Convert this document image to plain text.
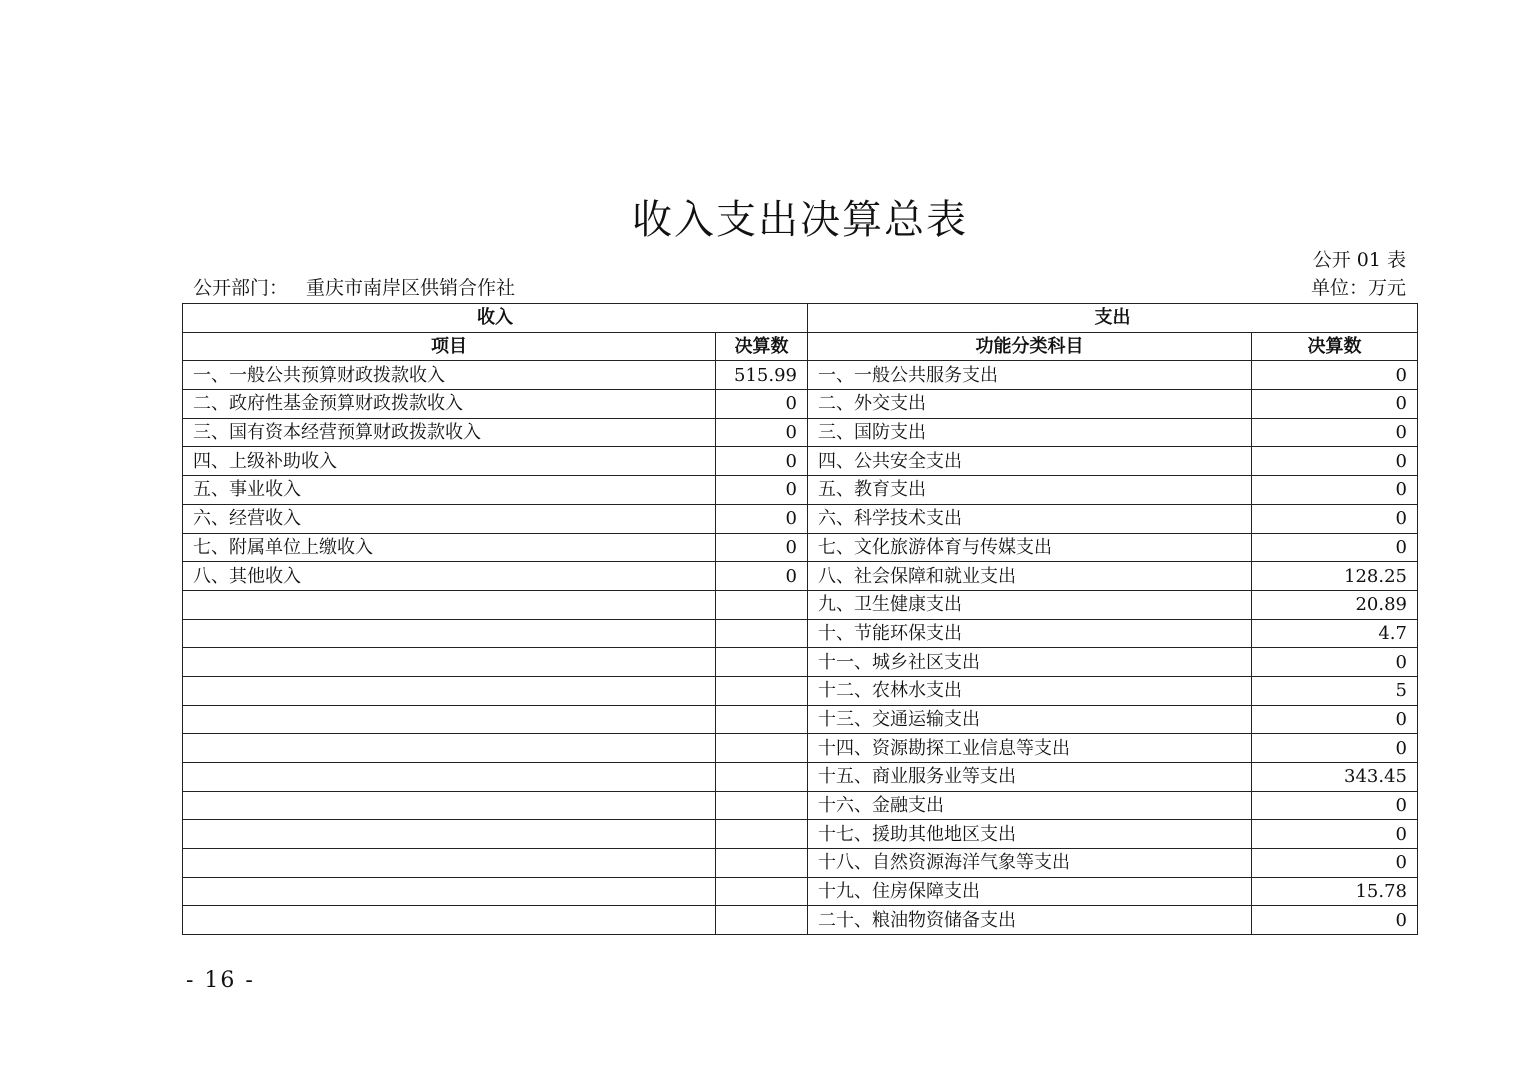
收入支出决算总表
公开 01 表
公开部门： 重庆市南岸区供销合作社	单位：万元
收入		支出	
项目	决算数	功能分类科目	决算数
一、一般公共预算财政拨款收入	515.99	一、一般公共服务支出	0
二、政府性基金预算财政拨款收入	0	二、外交支出	0
三、国有资本经营预算财政拨款收入	0	三、国防支出	0
四、上级补助收入	0	四、公共安全支出	0
五、事业收入	0	五、教育支出	0
六、经营收入	0	六、科学技术支出	0
七、附属单位上缴收入	0	七、文化旅游体育与传媒支出	0
八、其他收入	0	八、社会保障和就业支出	128.25
		九、卫生健康支出	20.89
		十、节能环保支出	4.7
		十一、城乡社区支出	0
		十二、农林水支出	5
		十三、交通运输支出	0
		十四、资源勘探工业信息等支出	0
		十五、商业服务业等支出	343.45
		十六、金融支出	0
		十七、援助其他地区支出	0
		十八、自然资源海洋气象等支出	0
		十九、住房保障支出	15.78
		二十、粮油物资储备支出	0
- 16 -
